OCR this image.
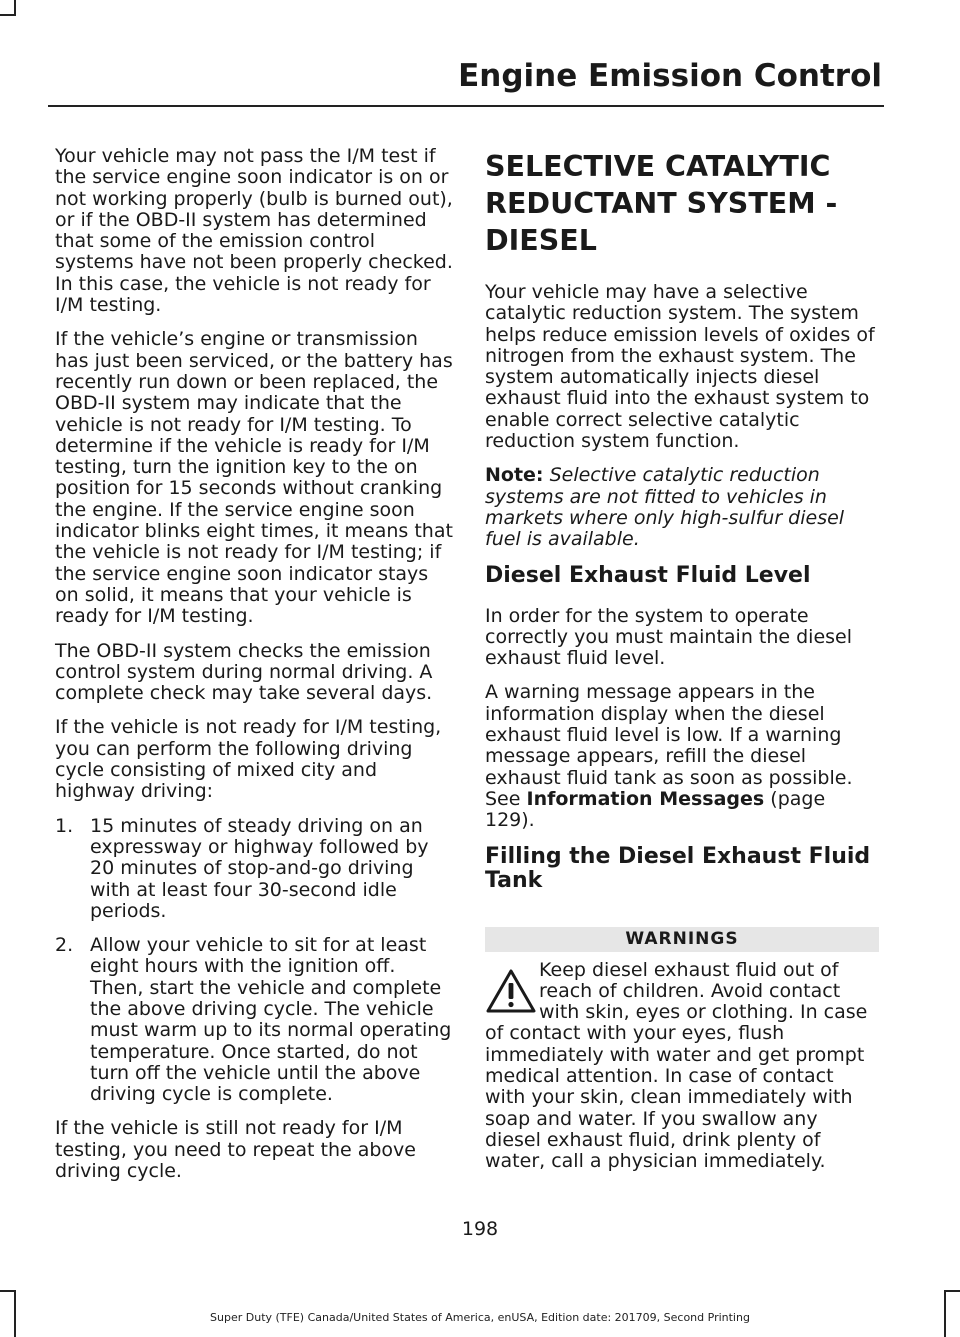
Engine Emission Control

Your vehicle may not pass the I/M test if the service engine soon indicator is on or not working properly (bulb is burned out), or if the OBD-II system has determined that some of the emission control systems have not been properly checked. In this case, the vehicle is not ready for I/M testing.

If the vehicle’s engine or transmission has just been serviced, or the battery has recently run down or been replaced, the OBD-II system may indicate that the vehicle is not ready for I/M testing. To determine if the vehicle is ready for I/M testing, turn the ignition key to the on position for 15 seconds without cranking the engine. If the service engine soon indicator blinks eight times, it means that the vehicle is not ready for I/M testing; if the service engine soon indicator stays on solid, it means that your vehicle is ready for I/M testing.

The OBD-II system checks the emission control system during normal driving. A complete check may take several days.

If the vehicle is not ready for I/M testing, you can perform the following driving cycle consisting of mixed city and highway driving:

1. 15 minutes of steady driving on an expressway or highway followed by 20 minutes of stop-and-go driving with at least four 30-second idle periods.
2. Allow your vehicle to sit for at least eight hours with the ignition off. Then, start the vehicle and complete the above driving cycle. The vehicle must warm up to its normal operating temperature. Once started, do not turn off the vehicle until the above driving cycle is complete.

If the vehicle is still not ready for I/M testing, you need to repeat the above driving cycle.

SELECTIVE CATALYTIC REDUCTANT SYSTEM - DIESEL

Your vehicle may have a selective catalytic reduction system. The system helps reduce emission levels of oxides of nitrogen from the exhaust system. The system automatically injects diesel exhaust fluid into the exhaust system to enable correct selective catalytic reduction system function.

Note: Selective catalytic reduction systems are not fitted to vehicles in markets where only high-sulfur diesel fuel is available.

Diesel Exhaust Fluid Level

In order for the system to operate correctly you must maintain the diesel exhaust fluid level.

A warning message appears in the information display when the diesel exhaust fluid level is low. If a warning message appears, refill the diesel exhaust fluid tank as soon as possible. See Information Messages (page 129).

Filling the Diesel Exhaust Fluid Tank
WARNINGS

Keep diesel exhaust fluid out of reach of children. Avoid contact with skin, eyes or clothing. In case of contact with your eyes, flush immediately with water and get prompt medical attention. In case of contact with your skin, clean immediately with soap and water. If you swallow any diesel exhaust fluid, drink plenty of water, call a physician immediately.

198
Super Duty (TFE) Canada/United States of America, enUSA, Edition date: 201709, Second Printing
